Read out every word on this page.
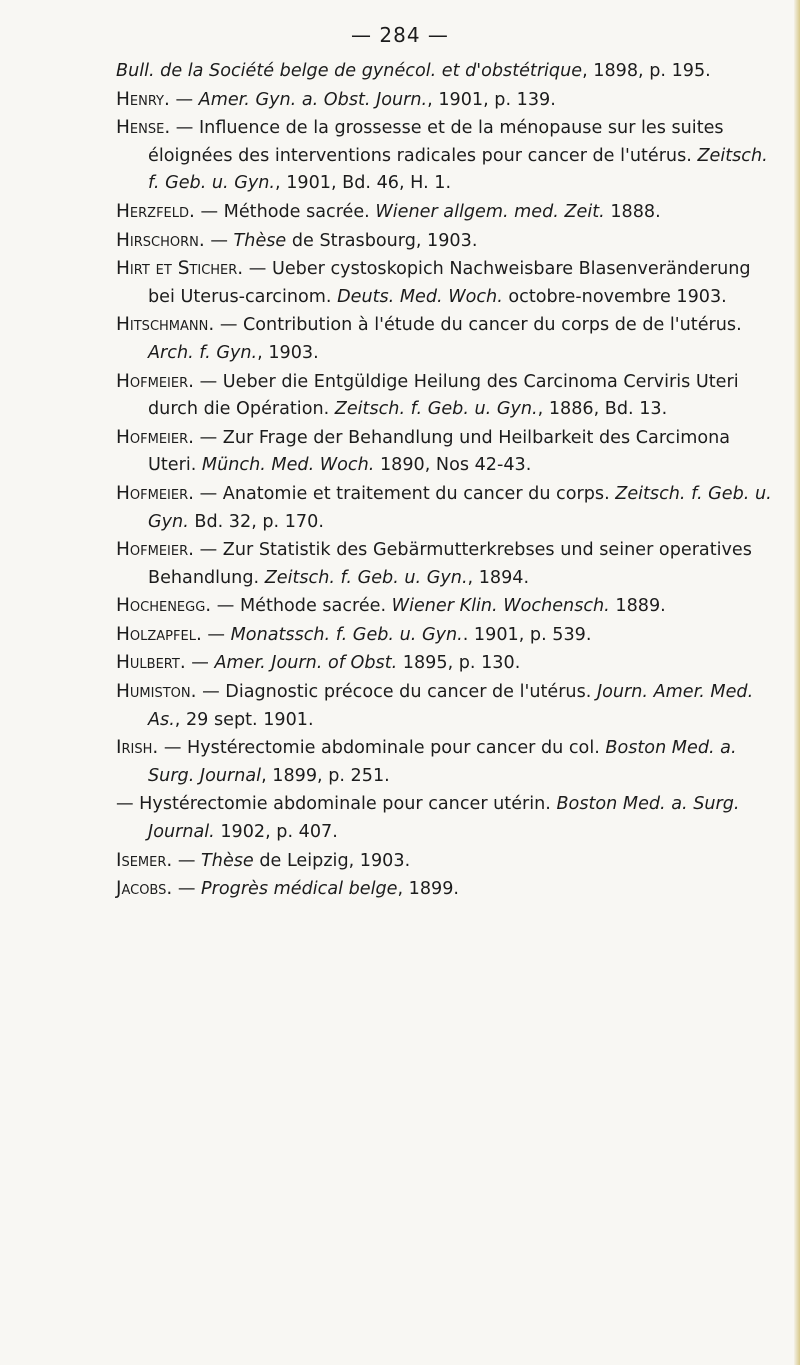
— 284 —
Bull. de la Société belge de gynécol. et d'obstétrique, 1898, p. 195.
Henry. — Amer. Gyn. a. Obst. Journ., 1901, p. 139.
Hense. — Influence de la grossesse et de la ménopause sur les suites éloignées des interventions radicales pour cancer de l'utérus. Zeitsch. f. Geb. u. Gyn., 1901, Bd. 46, H. 1.
Herzfeld. — Méthode sacrée. Wiener allgem. med. Zeit. 1888.
Hirschorn. — Thèse de Strasbourg, 1903.
Hirt et Sticher. — Ueber cystoskopich Nachweisbare Blasenveränderung bei Uterus-carcinom. Deuts. Med. Woch. octobre-novembre 1903.
Hitschmann. — Contribution à l'étude du cancer du corps de de l'utérus. Arch. f. Gyn., 1903.
Hofmeier. — Ueber die Entgüldige Heilung des Carcinoma Cerviris Uteri durch die Opération. Zeitsch. f. Geb. u. Gyn., 1886, Bd. 13.
Hofmeier. — Zur Frage der Behandlung und Heilbarkeit des Carcimona Uteri. Münch. Med. Woch. 1890, Nos 42-43.
Hofmeier. — Anatomie et traitement du cancer du corps. Zeitsch. f. Geb. u. Gyn. Bd. 32, p. 170.
Hofmeier. — Zur Statistik des Gebärmutterkrebses und seiner operatives Behandlung. Zeitsch. f. Geb. u. Gyn., 1894.
Hochenegg. — Méthode sacrée. Wiener Klin. Wochensch. 1889.
Holzapfel. — Monatssch. f. Geb. u. Gyn.. 1901, p. 539.
Hulbert. — Amer. Journ. of Obst. 1895, p. 130.
Humiston. — Diagnostic précoce du cancer de l'utérus. Journ. Amer. Med. As., 29 sept. 1901.
Irish. — Hystérectomie abdominale pour cancer du col. Boston Med. a. Surg. Journal, 1899, p. 251.
— Hystérectomie abdominale pour cancer utérin. Boston Med. a. Surg. Journal. 1902, p. 407.
Isemer. — Thèse de Leipzig, 1903.
Jacobs. — Progrès médical belge, 1899.
